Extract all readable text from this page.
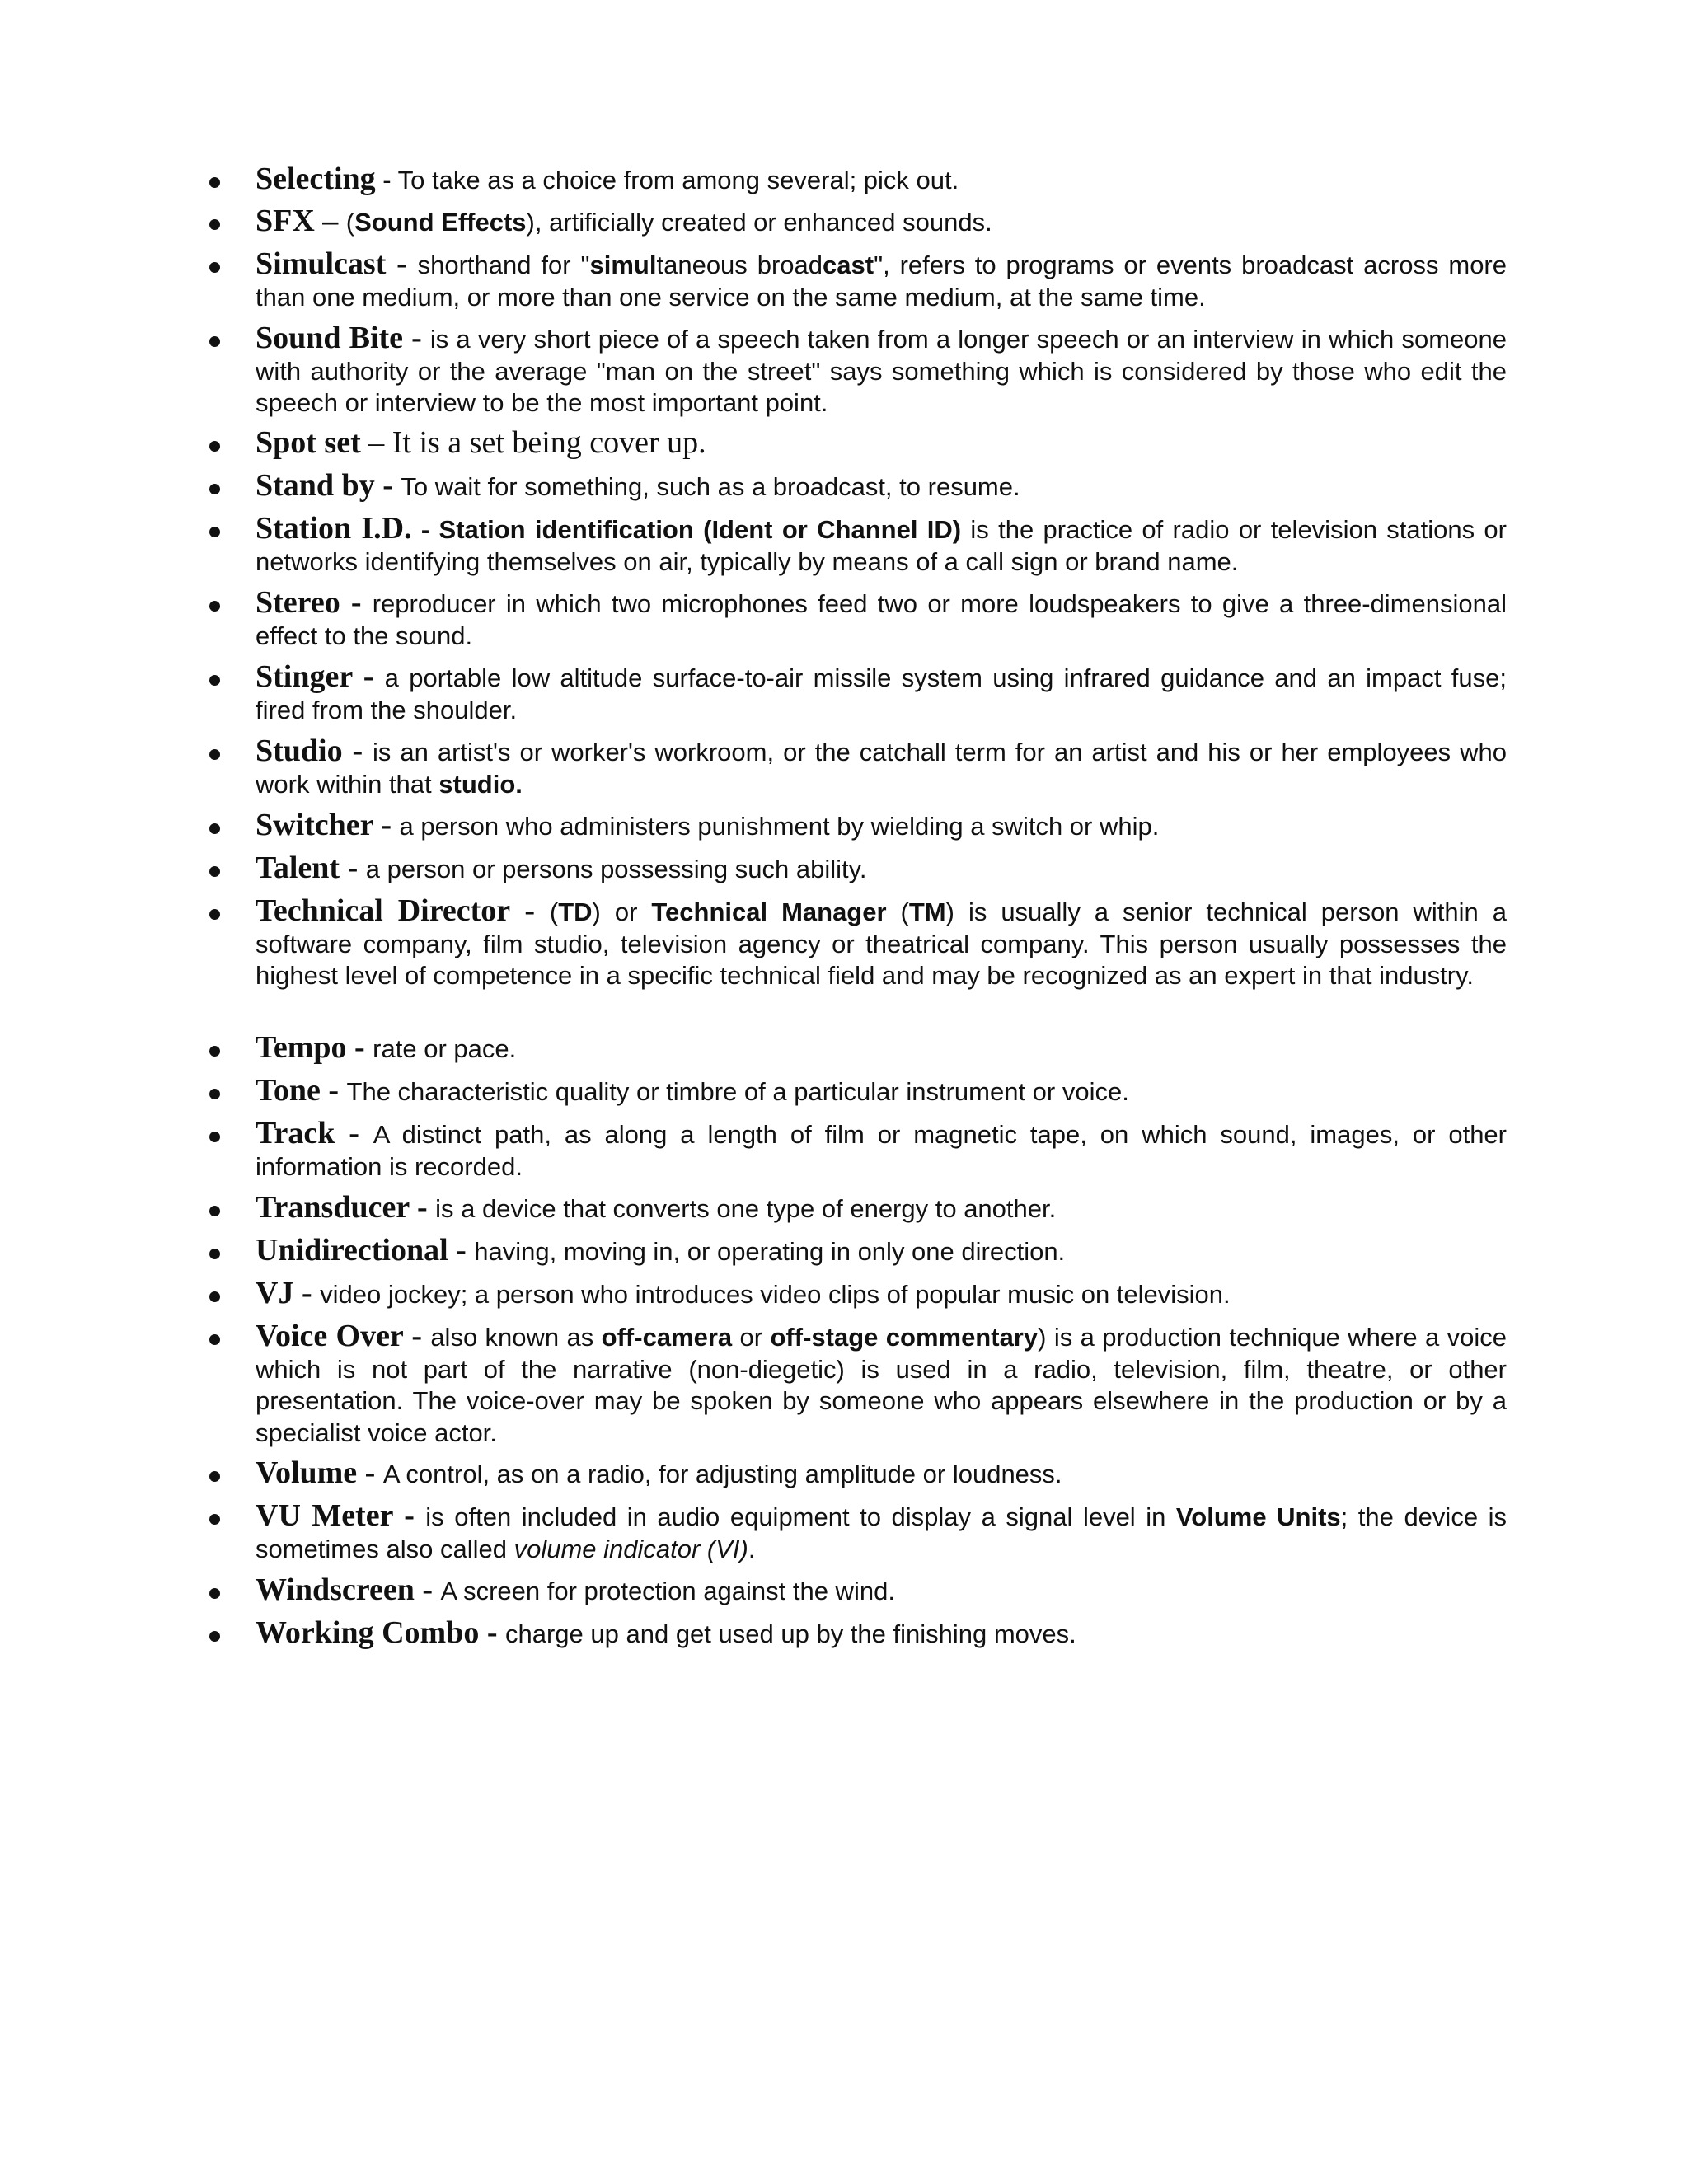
Selecting - To take as a choice from among several; pick out.
SFX – (Sound Effects), artificially created or enhanced sounds.
Simulcast - shorthand for "simultaneous broadcast", refers to programs or events broadcast across more than one medium, or more than one service on the same medium, at the same time.
Sound Bite - is a very short piece of a speech taken from a longer speech or an interview in which someone with authority or the average "man on the street" says something which is considered by those who edit the speech or interview to be the most important point.
Spot set – It is a set being cover up.
Stand by - To wait for something, such as a broadcast, to resume.
Station I.D. - Station identification (Ident or Channel ID) is the practice of radio or television stations or networks identifying themselves on air, typically by means of a call sign or brand name.
Stereo - reproducer in which two microphones feed two or more loudspeakers to give a three-dimensional effect to the sound.
Stinger - a portable low altitude surface-to-air missile system using infrared guidance and an impact fuse; fired from the shoulder.
Studio - is an artist's or worker's workroom, or the catchall term for an artist and his or her employees who work within that studio.
Switcher - a person who administers punishment by wielding a switch or whip.
Talent - a person or persons possessing such ability.
Technical Director - (TD) or Technical Manager (TM) is usually a senior technical person within a software company, film studio, television agency or theatrical company. This person usually possesses the highest level of competence in a specific technical field and may be recognized as an expert in that industry.
Tempo - rate or pace.
Tone - The characteristic quality or timbre of a particular instrument or voice.
Track - A distinct path, as along a length of film or magnetic tape, on which sound, images, or other information is recorded.
Transducer - is a device that converts one type of energy to another.
Unidirectional - having, moving in, or operating in only one direction.
VJ - video jockey; a person who introduces video clips of popular music on television.
Voice Over - also known as off-camera or off-stage commentary) is a production technique where a voice which is not part of the narrative (non-diegetic) is used in a radio, television, film, theatre, or other presentation. The voice-over may be spoken by someone who appears elsewhere in the production or by a specialist voice actor.
Volume - A control, as on a radio, for adjusting amplitude or loudness.
VU Meter - is often included in audio equipment to display a signal level in Volume Units; the device is sometimes also called volume indicator (VI).
Windscreen - A screen for protection against the wind.
Working Combo - charge up and get used up by the finishing moves.
